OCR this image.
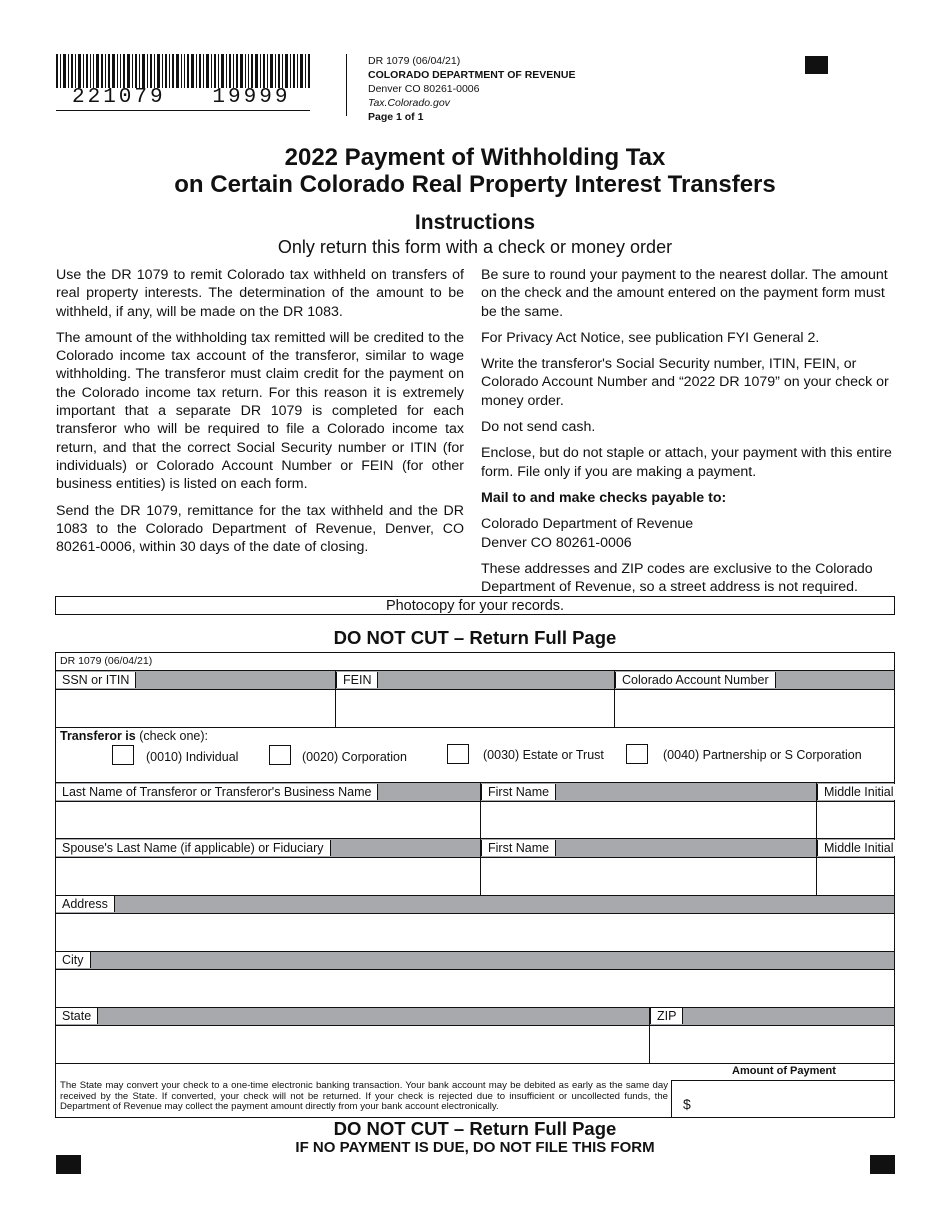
221079   19999
DR 1079 (06/04/21)
COLORADO DEPARTMENT OF REVENUE
Denver CO 80261-0006
Tax.Colorado.gov
Page 1 of 1
2022 Payment of Withholding Tax
on Certain Colorado Real Property Interest Transfers
Instructions
Only return this form with a check or money order

Use the DR 1079 to remit Colorado tax withheld on transfers of real property interests. The determination of the amount to be withheld, if any, will be made on the DR 1083.

The amount of the withholding tax remitted will be credited to the Colorado income tax account of the transferor, similar to wage withholding. The transferor must claim credit for the payment on the Colorado income tax return. For this reason it is extremely important that a separate DR 1079 is completed for each transferor who will be required to file a Colorado income tax return, and that the correct Social Security number or ITIN (for individuals) or Colorado Account Number or FEIN (for other business entities) is listed on each form.

Send the DR 1079, remittance for the tax withheld and the DR 1083 to the Colorado Department of Revenue, Denver, CO 80261-0006, within 30 days of the date of closing.

Be sure to round your payment to the nearest dollar. The amount on the check and the amount entered on the payment form must be the same.

For Privacy Act Notice, see publication FYI General 2.

Write the transferor's Social Security number, ITIN, FEIN, or Colorado Account Number and “2022 DR 1079” on your check or money order.

Do not send cash.

Enclose, but do not staple or attach, your payment with this entire form. File only if you are making a payment.

Mail to and make checks payable to:

Colorado Department of Revenue

Denver CO 80261-0006

These addresses and ZIP codes are exclusive to the Colorado Department of Revenue, so a street address is not required.

Photocopy for your records.
DO NOT CUT – Return Full Page
DR 1079 (06/04/21)
SSN or ITIN	FEIN	Colorado Account Number
Transferor is (check one):
(0010) Individual	(0020) Corporation	(0030) Estate or Trust	(0040) Partnership or S Corporation
Last Name of Transferor or Transferor's Business Name	First Name	Middle Initial
Spouse's Last Name (if applicable) or Fiduciary	First Name	Middle Initial
Address
City
State	ZIP
Amount of Payment
The State may convert your check to a one-time electronic banking transaction. Your bank account may be debited as early as the same day received by the State. If converted, your check will not be returned. If your check is rejected due to insufficient or uncollected funds, the Department of Revenue may collect the payment amount directly from your bank account electronically.	$
DO NOT CUT – Return Full Page
IF NO PAYMENT IS DUE, DO NOT FILE THIS FORM
